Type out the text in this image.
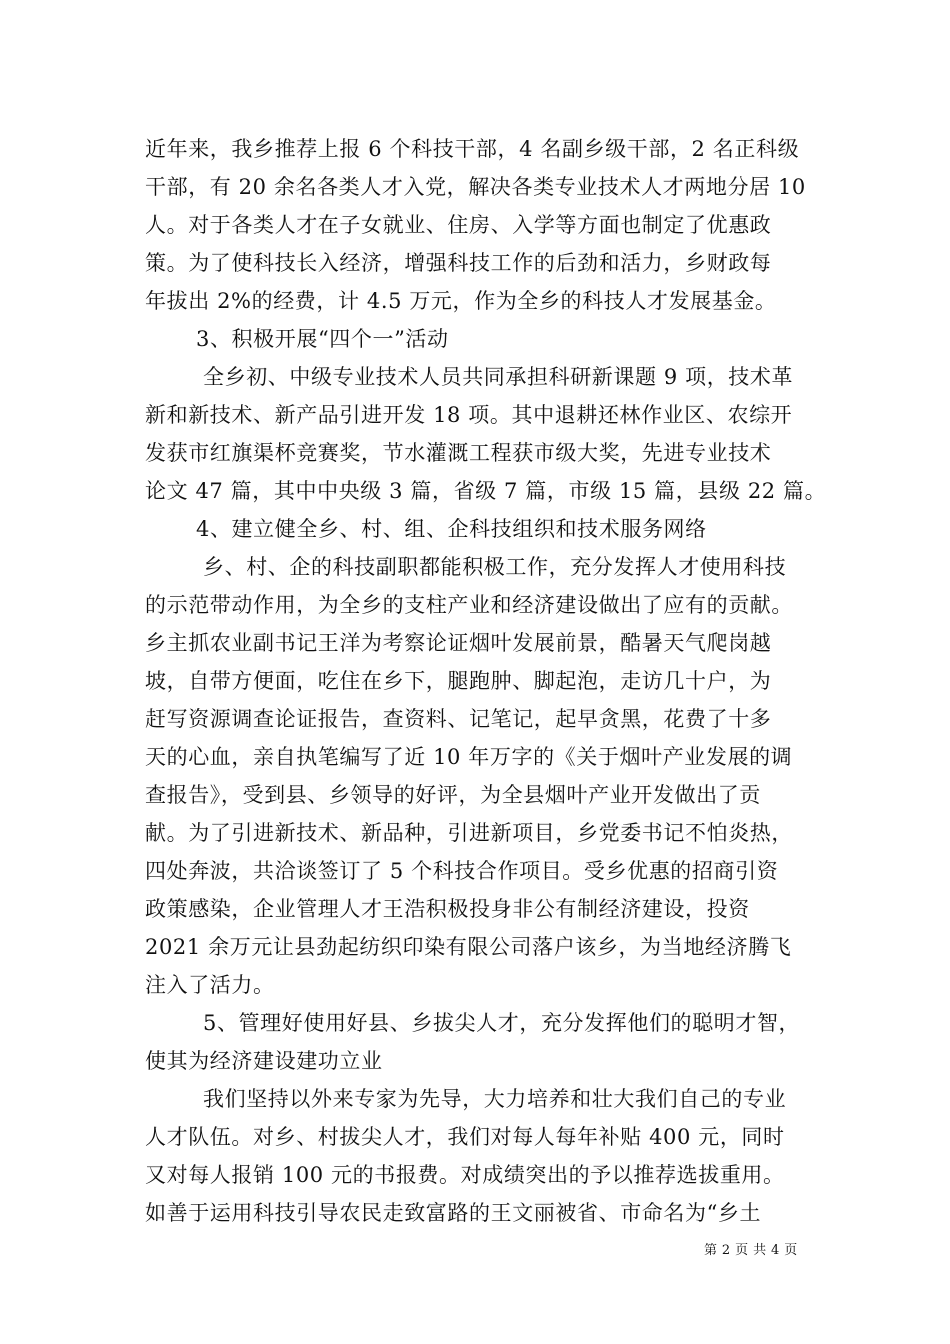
近年来，我乡推荐上报 6 个科技干部，4 名副乡级干部，2 名正科级
干部，有 20 余名各类人才入党，解决各类专业技术人才两地分居 10
人。对于各类人才在子女就业、住房、入学等方面也制定了优惠政
策。为了使科技长入经济，增强科技工作的后劲和活力，乡财政每
年拔出 2%的经费，计 4.5 万元，作为全乡的科技人才发展基金。
3、积极开展“四个一”活动
全乡初、中级专业技术人员共同承担科研新课题 9 项，技术革
新和新技术、新产品引进开发 18 项。其中退耕还林作业区、农综开
发获市红旗渠杯竞赛奖，节水灌溉工程获市级大奖，先进专业技术
论文 47 篇，其中中央级 3 篇，省级 7 篇，市级 15 篇，县级 22 篇。
4、建立健全乡、村、组、企科技组织和技术服务网络
乡、村、企的科技副职都能积极工作，充分发挥人才使用科技
的示范带动作用，为全乡的支柱产业和经济建设做出了应有的贡献。
乡主抓农业副书记王洋为考察论证烟叶发展前景，酷暑天气爬岗越
坡，自带方便面，吃住在乡下，腿跑肿、脚起泡，走访几十户，为
赶写资源调查论证报告，查资料、记笔记，起早贪黑，花费了十多
天的心血，亲自执笔编写了近 10 年万字的《关于烟叶产业发展的调
查报告》，受到县、乡领导的好评，为全县烟叶产业开发做出了贡
献。为了引进新技术、新品种，引进新项目，乡党委书记不怕炎热，
四处奔波，共洽谈签订了 5 个科技合作项目。受乡优惠的招商引资
政策感染，企业管理人才王浩积极投身非公有制经济建设，投资
2021 余万元让县劲起纺织印染有限公司落户该乡，为当地经济腾飞
注入了活力。
5、管理好使用好县、乡拔尖人才，充分发挥他们的聪明才智，
使其为经济建设建功立业
我们坚持以外来专家为先导，大力培养和壮大我们自己的专业
人才队伍。对乡、村拔尖人才，我们对每人每年补贴 400 元，同时
又对每人报销 100 元的书报费。对成绩突出的予以推荐选拔重用。
如善于运用科技引导农民走致富路的王文丽被省、市命名为“乡土
第 2 页 共 4 页
